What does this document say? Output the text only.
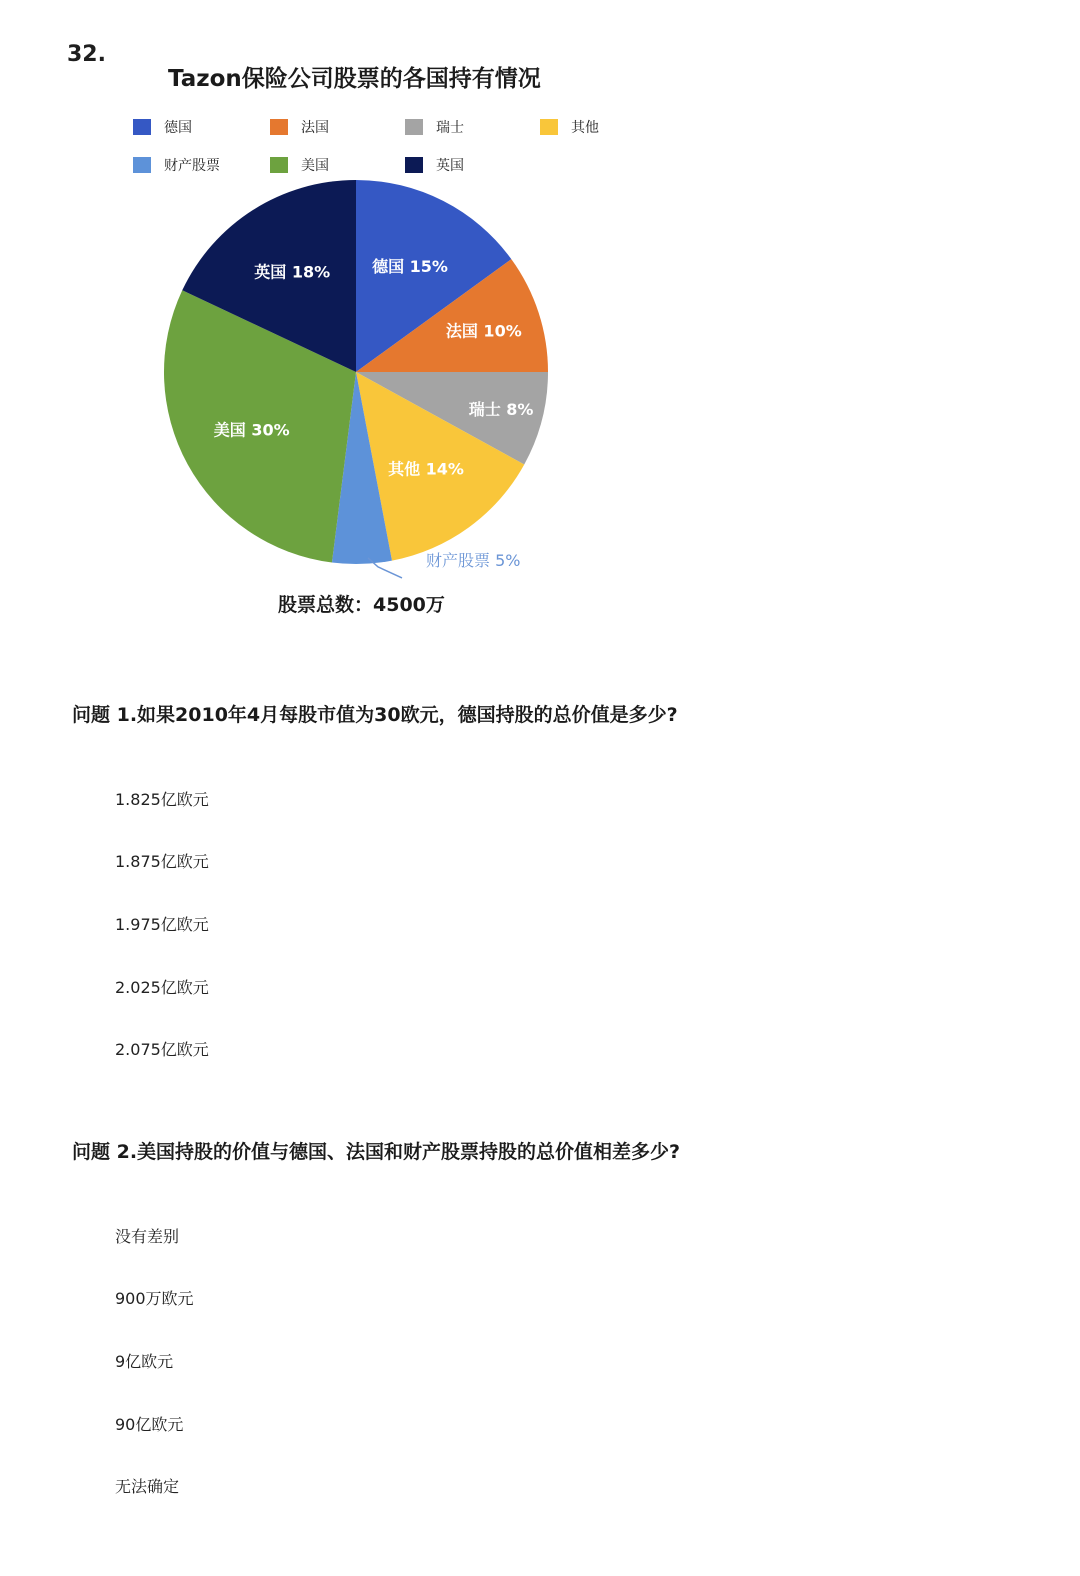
32.
Tazon保险公司股票的各国持有情况
德国	法国	瑞士	其他
财产股票	美国	英国
德国 15%
法国 10%
瑞士 8%
其他 14%
财产股票 5%
美国 30%
英国 18%
股票总数：4500万
问题 1.如果2010年4月每股市值为30欧元，德国持股的总价值是多少?
1.825亿欧元
1.875亿欧元
1.975亿欧元
2.025亿欧元
2.075亿欧元
问题 2.美国持股的价值与德国、法国和财产股票持股的总价值相差多少?
没有差别
900万欧元
9亿欧元
90亿欧元
无法确定
